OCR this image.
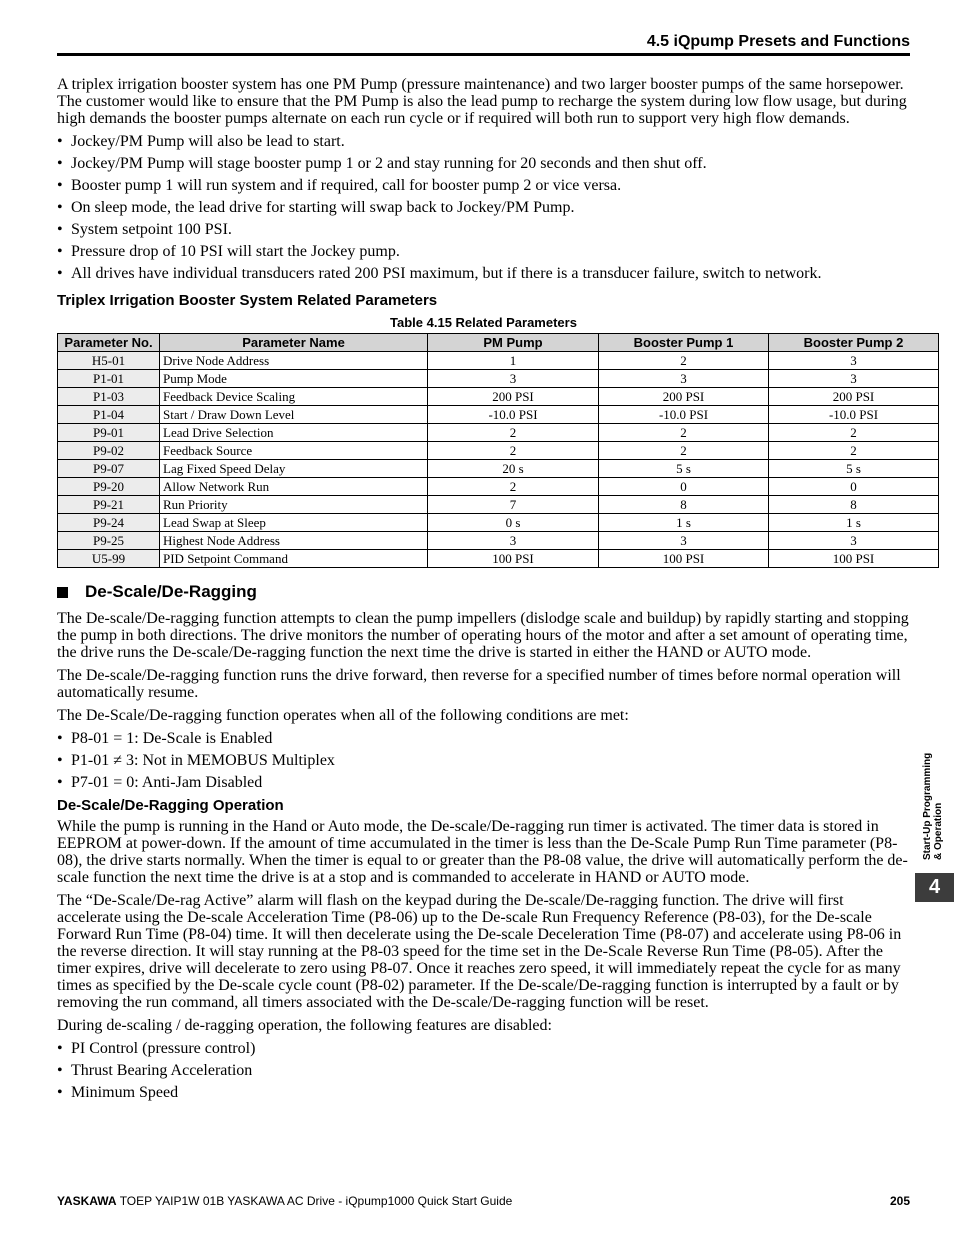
4.5 iQpump Presets and Functions

A triplex irrigation booster system has one PM Pump (pressure maintenance) and two larger booster pumps of the same horsepower. The customer would like to ensure that the PM Pump is also the lead pump to recharge the system during low flow usage, but during high demands the booster pumps alternate on each run cycle or if required will both run to support very high flow demands.

• Jockey/PM Pump will also be lead to start.
• Jockey/PM Pump will stage booster pump 1 or 2 and stay running for 20 seconds and then shut off.
• Booster pump 1 will run system and if required, call for booster pump 2 or vice versa.
• On sleep mode, the lead drive for starting will swap back to Jockey/PM Pump.
• System setpoint 100 PSI.
• Pressure drop of 10 PSI will start the Jockey pump.
• All drives have individual transducers rated 200 PSI maximum, but if there is a transducer failure, switch to network.
Triplex Irrigation Booster System Related Parameters
Table 4.15 Related Parameters
Parameter No.	Parameter Name	PM Pump	Booster Pump 1	Booster Pump 2
H5-01	Drive Node Address	1	2	3
P1-01	Pump Mode	3	3	3
P1-03	Feedback Device Scaling	200 PSI	200 PSI	200 PSI
P1-04	Start / Draw Down Level	-10.0 PSI	-10.0 PSI	-10.0 PSI
P9-01	Lead Drive Selection	2	2	2
P9-02	Feedback Source	2	2	2
P9-07	Lag Fixed Speed Delay	20 s	5 s	5 s
P9-20	Allow Network Run	2	0	0
P9-21	Run Priority	7	8	8
P9-24	Lead Swap at Sleep	0 s	1 s	1 s
P9-25	Highest Node Address	3	3	3
U5-99	PID Setpoint Command	100 PSI	100 PSI	100 PSI
De-Scale/De-Ragging

The De-scale/De-ragging function attempts to clean the pump impellers (dislodge scale and buildup) by rapidly starting and stopping the pump in both directions. The drive monitors the number of operating hours of the motor and after a set amount of operating time, the drive runs the De-scale/De-ragging function the next time the drive is started in either the HAND or AUTO mode.

The De-scale/De-ragging function runs the drive forward, then reverse for a specified number of times before normal operation will automatically resume.

The De-Scale/De-ragging function operates when all of the following conditions are met:

• P8-01 = 1: De-Scale is Enabled
• P1-01 ≠ 3: Not in MEMOBUS Multiplex
• P7-01 = 0: Anti-Jam Disabled
De-Scale/De-Ragging Operation

While the pump is running in the Hand or Auto mode, the De-scale/De-ragging run timer is activated. The timer data is stored in EEPROM at power-down. If the amount of time accumulated in the timer is less than the De-Scale Pump Run Time parameter (P8-08), the drive starts normally. When the timer is equal to or greater than the P8-08 value, the drive will automatically perform the de-scale function the next time the drive is at a stop and is commanded to accelerate in HAND or AUTO mode.

The “De-Scale/De-rag Active” alarm will flash on the keypad during the De-scale/De-ragging function. The drive will first accelerate using the De-scale Acceleration Time (P8-06) up to the De-scale Run Frequency Reference (P8-03), for the De-scale Forward Run Time (P8-04) time. It will then decelerate using the De-scale Deceleration Time (P8-07) and accelerate using P8-06 in the reverse direction. It will stay running at the P8-03 speed for the time set in the De-Scale Reverse Run Time (P8-05). After the timer expires, drive will decelerate to zero using P8-07. Once it reaches zero speed, it will immediately repeat the cycle for as many times as specified by the De-scale cycle count (P8-02) parameter. If the De-scale/De-ragging function is interrupted by a fault or by removing the run command, all timers associated with the De-scale/De-ragging function will be reset.

During de-scaling / de-ragging operation, the following features are disabled:

• PI Control (pressure control)
• Thrust Bearing Acceleration
• Minimum Speed
Start-Up Programming & Operation
4
YASKAWA TOEP YAIP1W 01B YASKAWA AC Drive - iQpump1000 Quick Start Guide	205
